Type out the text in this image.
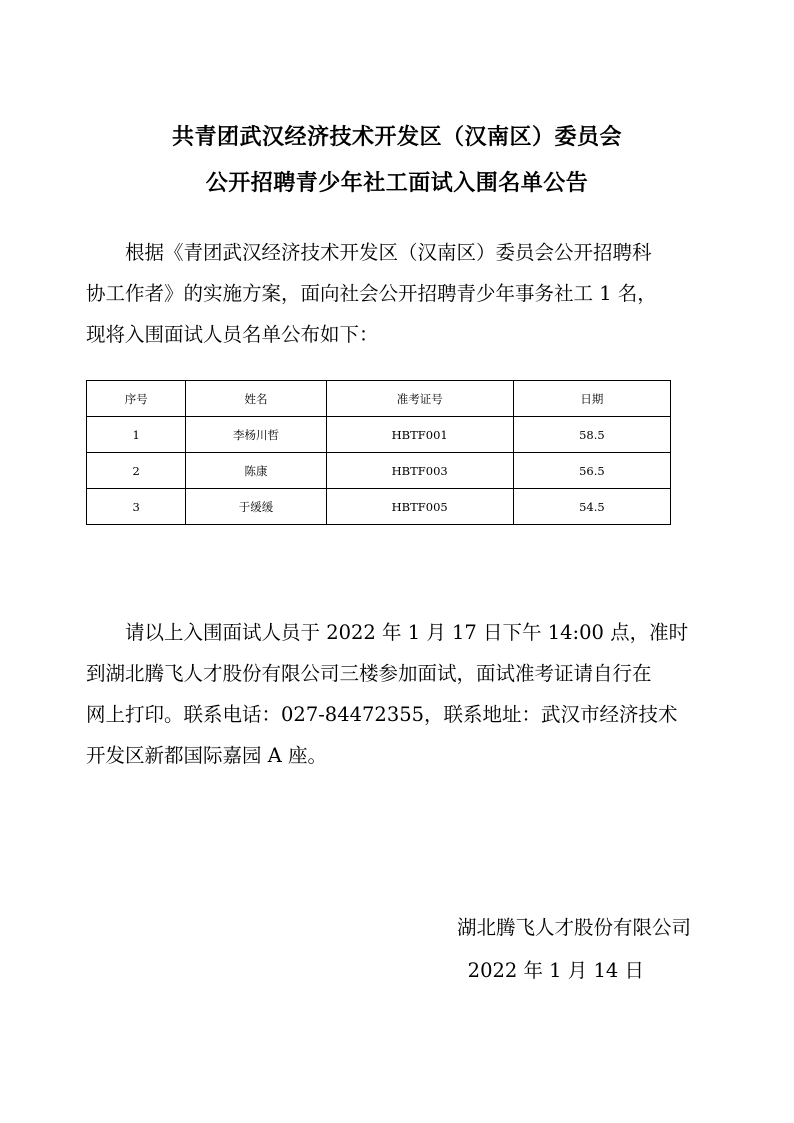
共青团武汉经济技术开发区（汉南区）委员会
公开招聘青少年社工面试入围名单公告
根据《青团武汉经济技术开发区（汉南区）委员会公开招聘科
协工作者》的实施方案，面向社会公开招聘青少年事务社工 1 名，
现将入围面试人员名单公布如下：
序号	姓名	准考证号	日期
1	李杨川哲	HBTF001	58.5
2	陈康	HBTF003	56.5
3	于缓缓	HBTF005	54.5
请以上入围面试人员于 2022 年 1 月 17 日下午 14:00 点，准时
到湖北腾飞人才股份有限公司三楼参加面试，面试准考证请自行在
网上打印。联系电话：027-84472355，联系地址：武汉市经济技术
开发区新都国际嘉园 A 座。
湖北腾飞人才股份有限公司
2022 年 1 月 14 日
